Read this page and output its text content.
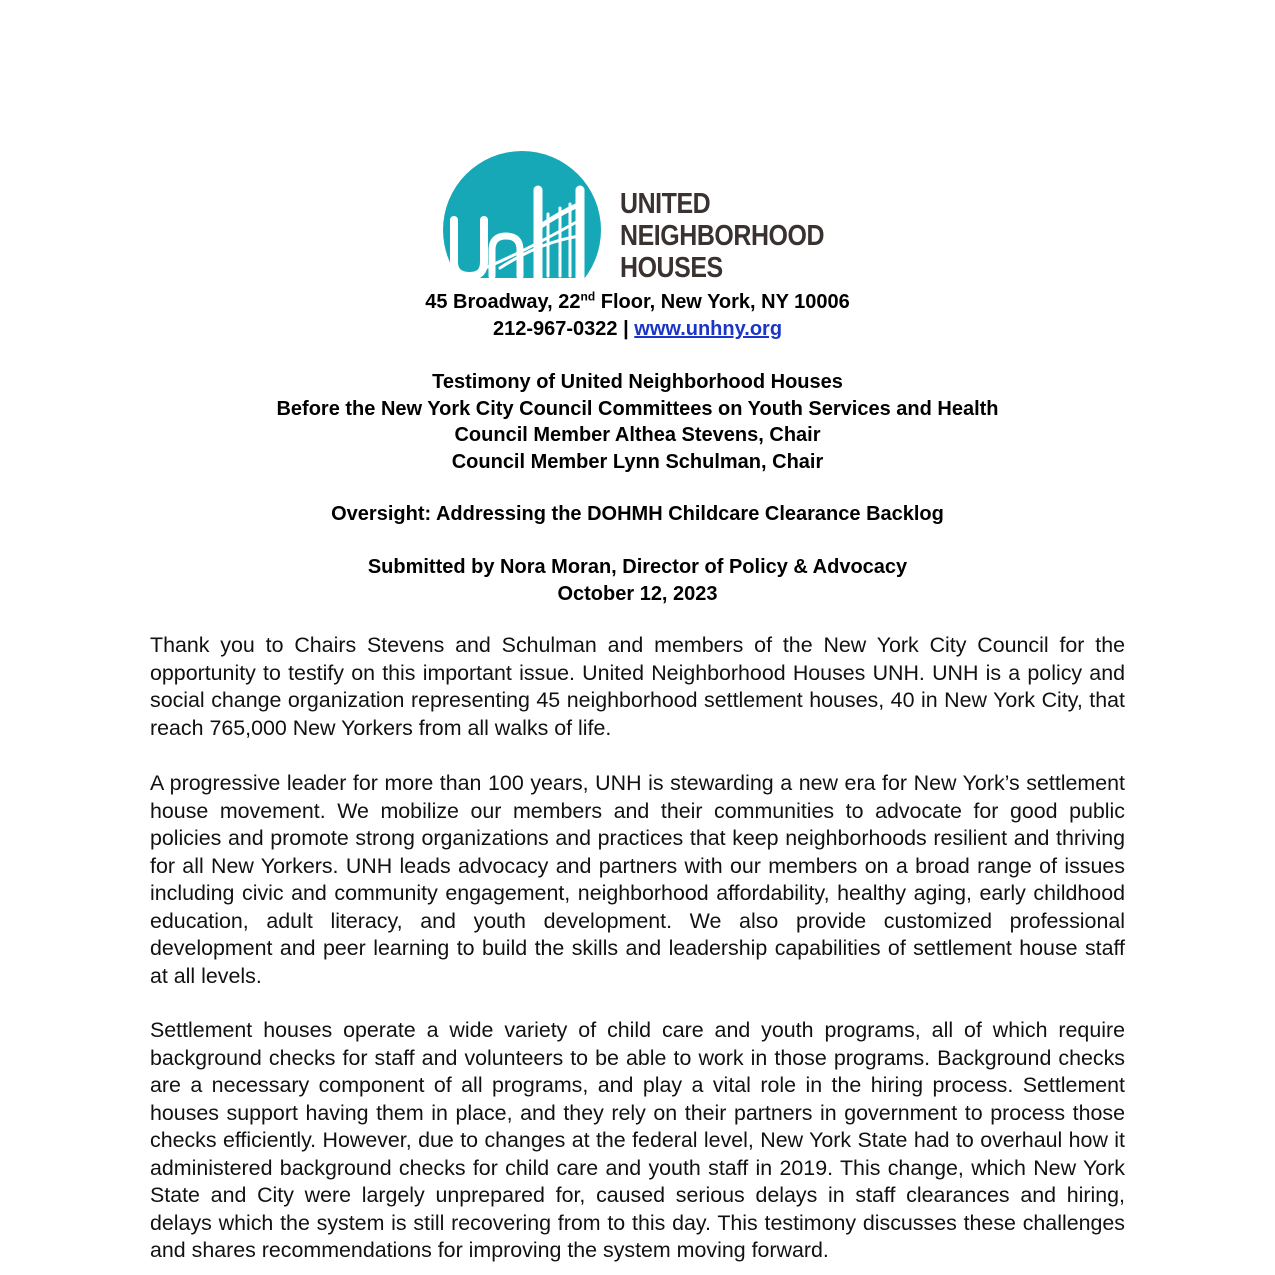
UNITED
NEIGHBORHOOD
HOUSES
45 Broadway, 22nd Floor, New York, NY 10006
212-967-0322 | www.unhny.org
Testimony of United Neighborhood Houses
Before the New York City Council Committees on Youth Services and Health
Council Member Althea Stevens, Chair
Council Member Lynn Schulman, Chair
Oversight: Addressing the DOHMH Childcare Clearance Backlog
Submitted by Nora Moran, Director of Policy & Advocacy
October 12, 2023

Thank you to Chairs Stevens and Schulman and members of the New York City Council for the opportunity to testify on this important issue. United Neighborhood Houses UNH. UNH is a policy and social change organization representing 45 neighborhood settlement houses, 40 in New York City, that reach 765,000 New Yorkers from all walks of life.

A progressive leader for more than 100 years, UNH is stewarding a new era for New York’s settlement house movement. We mobilize our members and their communities to advocate for good public policies and promote strong organizations and practices that keep neighborhoods resilient and thriving for all New Yorkers. UNH leads advocacy and partners with our members on a broad range of issues including civic and community engagement, neighborhood affordability, healthy aging, early childhood education, adult literacy, and youth development. We also provide customized professional development and peer learning to build the skills and leadership capabilities of settlement house staff at all levels.

Settlement houses operate a wide variety of child care and youth programs, all of which require background checks for staff and volunteers to be able to work in those programs. Background checks are a necessary component of all programs, and play a vital role in the hiring process. Settlement houses support having them in place, and they rely on their partners in government to process those checks efficiently. However, due to changes at the federal level, New York State had to overhaul how it administered background checks for child care and youth staff in 2019. This change, which New York State and City were largely unprepared for, caused serious delays in staff clearances and hiring, delays which the system is still recovering from to this day. This testimony discusses these challenges and shares recommendations for improving the system moving forward.
